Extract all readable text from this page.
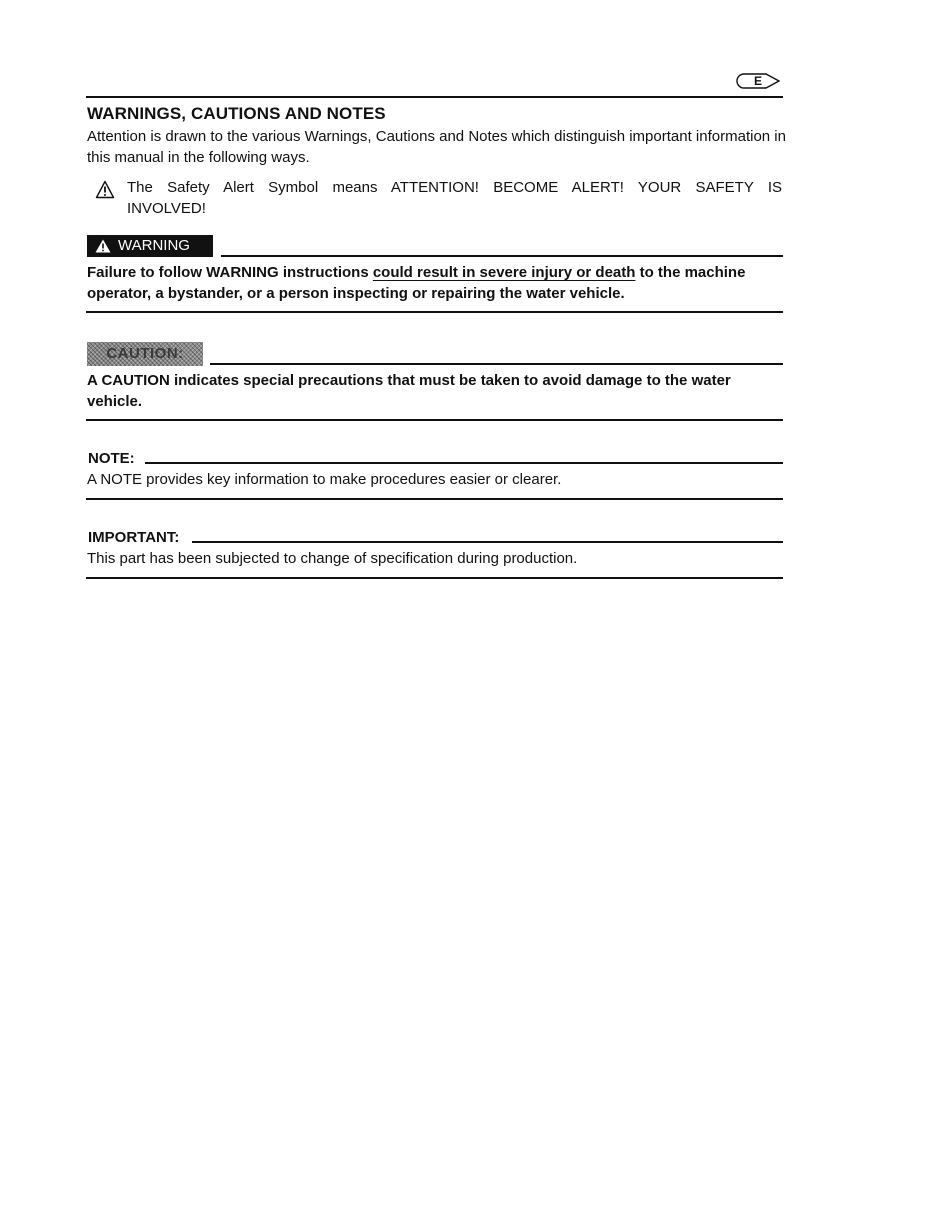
E
WARNINGS, CAUTIONS AND NOTES
Attention is drawn to the various Warnings, Cautions and Notes which distinguish important information in this manual in the following ways.
The Safety Alert Symbol means ATTENTION! BECOME ALERT! YOUR SAFETY IS INVOLVED!
WARNING
Failure to follow WARNING instructions could result in severe injury or death to the machine operator, a bystander, or a person inspecting or repairing the water vehicle.
CAUTION:
A CAUTION indicates special precautions that must be taken to avoid damage to the water vehicle.
NOTE:
A NOTE provides key information to make procedures easier or clearer.
IMPORTANT:
This part has been subjected to change of specification during production.
